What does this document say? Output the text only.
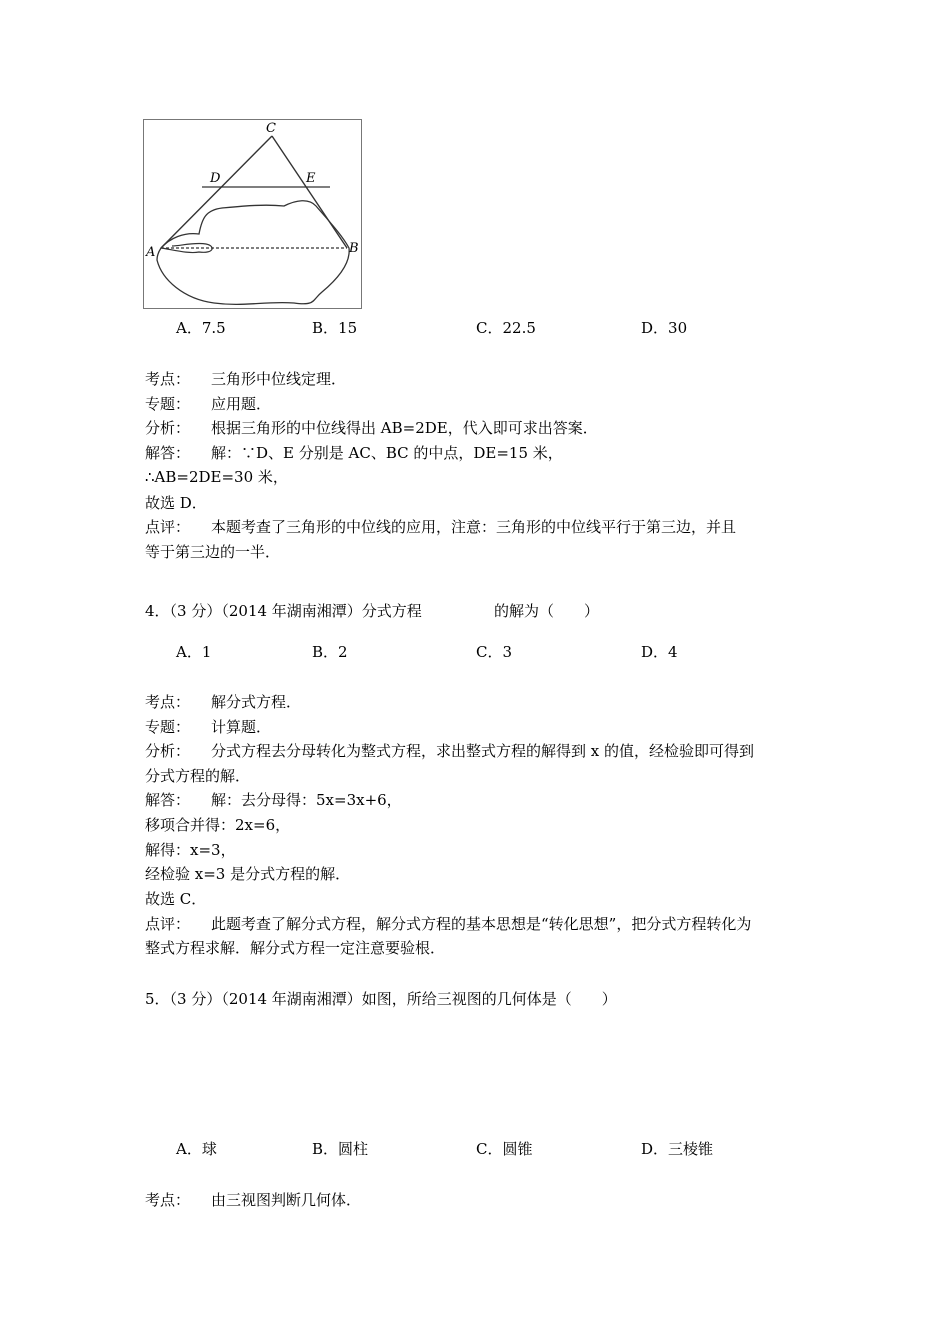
C
D	E
A	B
A．7.5	B．15	C．22.5	D．30
考点： 三角形中位线定理．
专题： 应用题．
分析： 根据三角形的中位线得出 AB=2DE，代入即可求出答案．
解答： 解：∵D、E 分别是 AC、BC 的中点，DE=15 米，
∴AB=2DE=30 米，
故选 D．
点评： 本题考查了三角形的中位线的应用，注意：三角形的中位线平行于第三边，并且
等于第三边的一半．
4．（3 分）（2014 年湖南湘潭）分式方程	的解为（　　）
A．1	B．2	C．3	D．4
考点： 解分式方程．
专题： 计算题．
分析： 分式方程去分母转化为整式方程，求出整式方程的解得到 x 的值，经检验即可得到
分式方程的解．
解答： 解：去分母得：5x=3x+6，
移项合并得：2x=6，
解得：x=3，
经检验 x=3 是分式方程的解．
故选 C．
点评： 此题考查了解分式方程，解分式方程的基本思想是“转化思想”，把分式方程转化为
整式方程求解．解分式方程一定注意要验根．
5．（3 分）（2014 年湖南湘潭）如图，所给三视图的几何体是（　　）
A．球	B．圆柱	C．圆锥	D．三棱锥
考点： 由三视图判断几何体．
